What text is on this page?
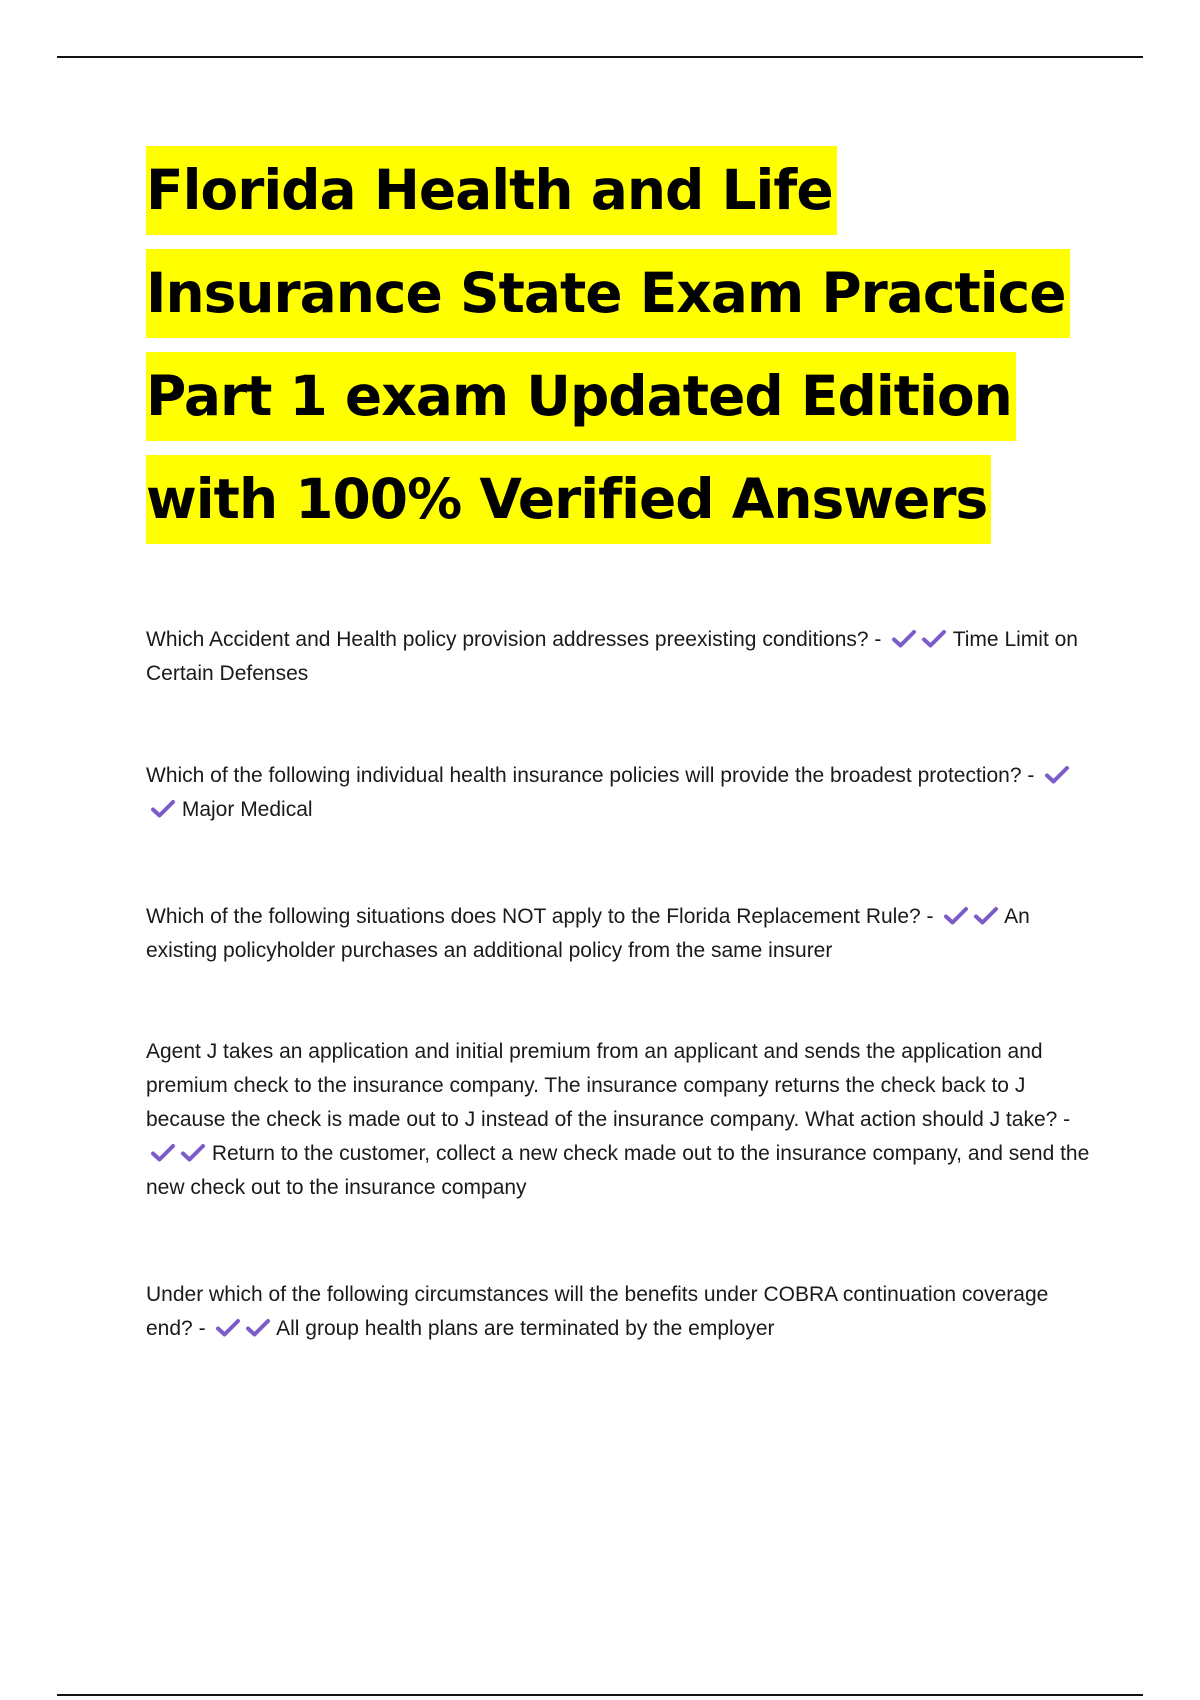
Florida Health and Life
Insurance State Exam Practice
Part 1 exam Updated Edition
with 100% Verified Answers

Which Accident and Health policy provision addresses preexisting conditions? -	Time Limit on Certain Defenses

Which of the following individual health insurance policies will provide the broadest protection? -
Major Medical

Which of the following situations does NOT apply to the Florida Replacement Rule? -	An existing policyholder purchases an additional policy from the same insurer

Agent J takes an application and initial premium from an applicant and sends the application and premium check to the insurance company. The insurance company returns the check back to J because the check is made out to J instead of the insurance company. What action should J take? -
Return to the customer, collect a new check made out to the insurance company, and send the new check out to the insurance company

Under which of the following circumstances will the benefits under COBRA continuation coverage end? -	All group health plans are terminated by the employer
